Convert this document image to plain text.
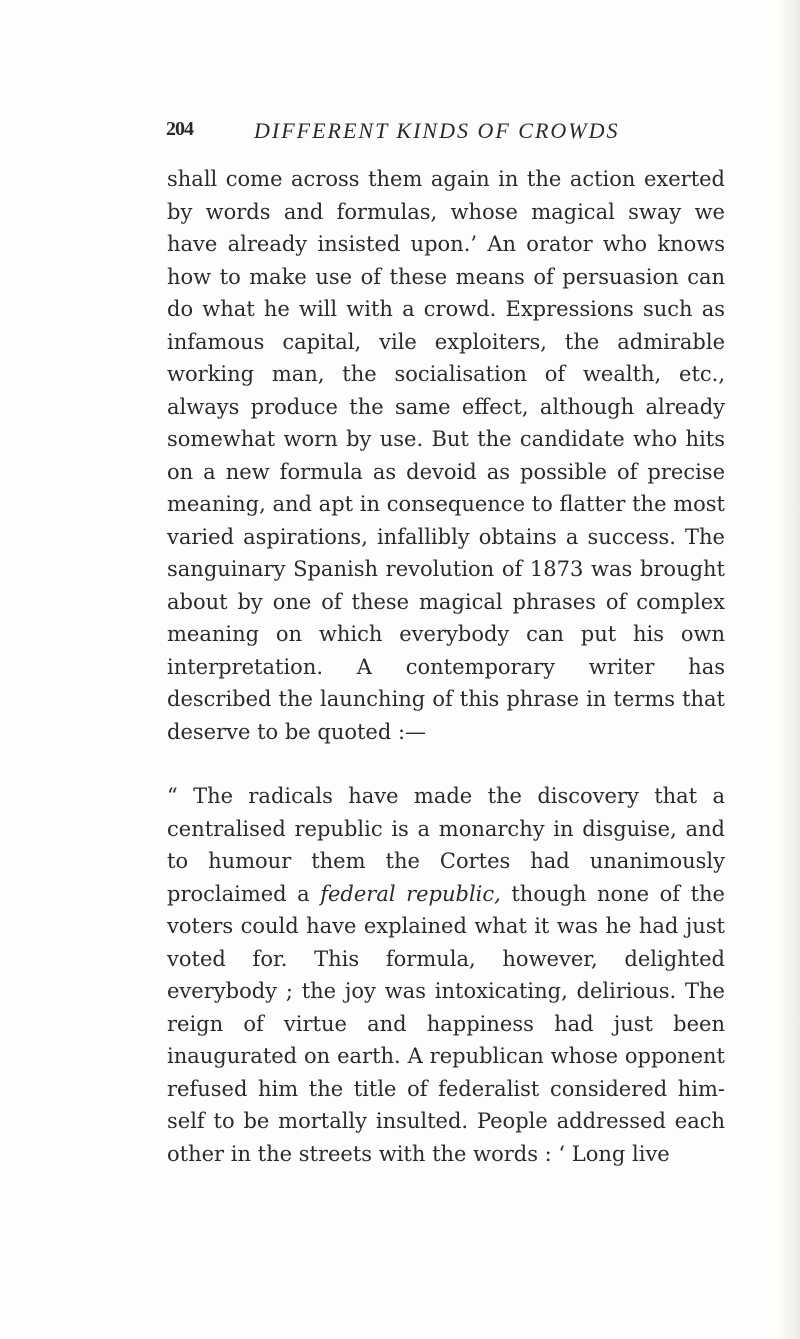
204	DIFFERENT KINDS OF CROWDS

shall come across them again in the action exerted by words and formulas, whose magical sway we have already insisted upon.’ An orator who knows how to make use of these means of persuasion can do what he will with a crowd. Expressions such as infamous capital, vile exploiters, the admirable working man, the socialisation of wealth, etc., always produce the same effect, although already somewhat worn by use. But the candidate who hits on a new formula as devoid as possible of precise meaning, and apt in consequence to flatter the most varied aspirations, infallibly obtains a success. The sanguinary Spanish revolution of 1873 was brought about by one of these magical phrases of complex meaning on which everybody can put his own interpretation. A contemporary writer has described the launching of this phrase in terms that deserve to be quoted :—

“ The radicals have made the discovery that a centralised republic is a monarchy in disguise, and to humour them the Cortes had unanimously proclaimed a federal republic, though none of the voters could have explained what it was he had just voted for. This formula, however, delighted everybody ; the joy was intoxicating, delirious. The reign of virtue and happiness had just been inaugurated on earth. A republican whose opponent refused him the title of federalist considered him- self to be mortally insulted. People addressed each other in the streets with the words : ‘ Long live
